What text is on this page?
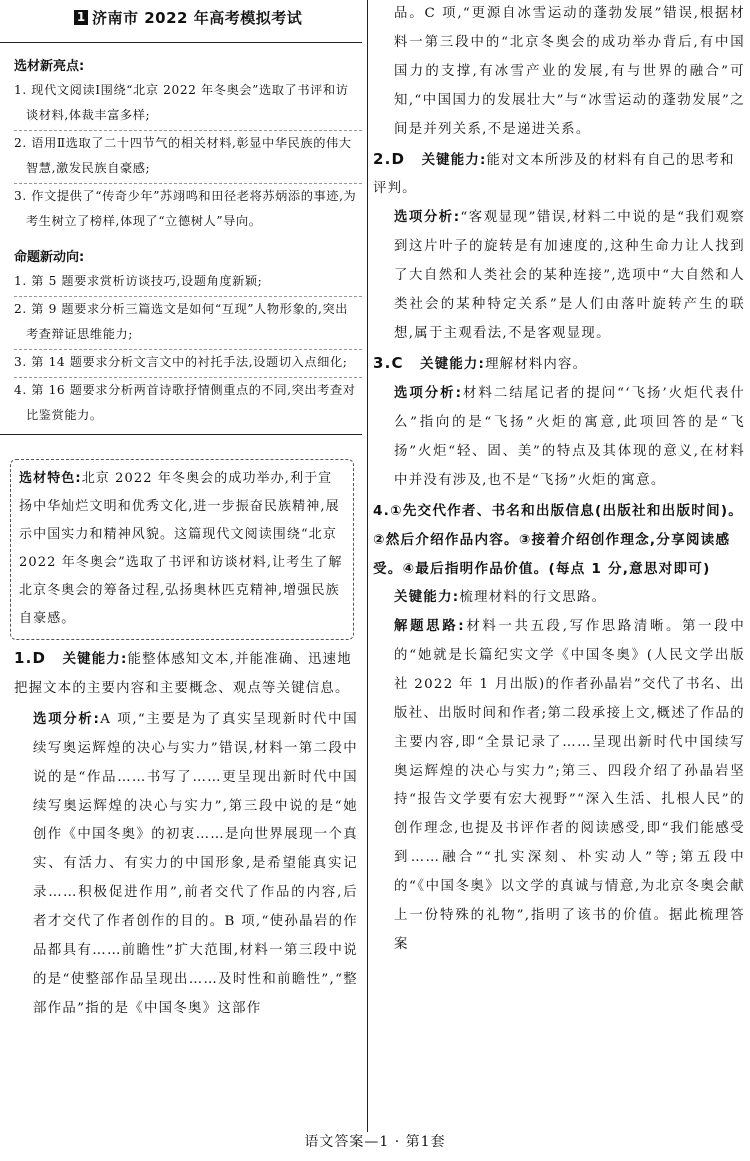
1 济南市 2022 年高考模拟考试
选材新亮点:
1. 现代文阅读Ⅰ围绕“北京 2022 年冬奥会”选取了书评和访谈材料,体裁丰富多样;
2. 语用Ⅱ选取了二十四节气的相关材料,彰显中华民族的伟大智慧,激发民族自豪感;
3. 作文提供了“传奇少年”苏翊鸣和田径老将苏炳添的事迹,为考生树立了榜样,体现了“立德树人”导向。
命题新动向:
1. 第 5 题要求赏析访谈技巧,设题角度新颖;
2. 第 9 题要求分析三篇选文是如何“互现”人物形象的,突出考查辩证思维能力;
3. 第 14 题要求分析文言文中的衬托手法,设题切入点细化;
4. 第 16 题要求分析两首诗歌抒情侧重点的不同,突出考查对比鉴赏能力。
选材特色:北京 2022 年冬奥会的成功举办,利于宣扬中华灿烂文明和优秀文化,进一步振奋民族精神,展示中国实力和精神风貌。这篇现代文阅读围绕“北京 2022 年冬奥会”选取了书评和访谈材料,让考生了解北京冬奥会的筹备过程,弘扬奥林匹克精神,增强民族自豪感。
1.D 关键能力:能整体感知文本,并能准确、迅速地把握文本的主要内容和主要概念、观点等关键信息。
选项分析:A 项,“主要是为了真实呈现新时代中国续写奥运辉煌的决心与实力”错误,材料一第二段中说的是“作品……书写了……更呈现出新时代中国续写奥运辉煌的决心与实力”,第三段中说的是“她创作《中国冬奥》的初衷……是向世界展现一个真实、有活力、有实力的中国形象,是希望能真实记录……积极促进作用”,前者交代了作品的内容,后者才交代了作者创作的目的。B 项,“使孙晶岩的作品都具有……前瞻性”扩大范围,材料一第三段中说的是“使整部作品呈现出……及时性和前瞻性”,“整部作品”指的是《中国冬奥》这部作
品。C 项,“更源自冰雪运动的蓬勃发展”错误,根据材料一第三段中的“北京冬奥会的成功举办背后,有中国国力的支撑,有冰雪产业的发展,有与世界的融合”可知,“中国国力的发展壮大”与“冰雪运动的蓬勃发展”之间是并列关系,不是递进关系。
2.D 关键能力:能对文本所涉及的材料有自己的思考和评判。
选项分析:“客观显现”错误,材料二中说的是“我们观察到这片叶子的旋转是有加速度的,这种生命力让人找到了大自然和人类社会的某种连接”,选项中“大自然和人类社会的某种特定关系”是人们由落叶旋转产生的联想,属于主观看法,不是客观显现。
3.C 关键能力:理解材料内容。
选项分析:材料二结尾记者的提问“‘飞扬’火炬代表什么”指向的是“飞扬”火炬的寓意,此项回答的是“飞扬”火炬“轻、固、美”的特点及其体现的意义,在材料中并没有涉及,也不是“飞扬”火炬的寓意。
4.①先交代作者、书名和出版信息(出版社和出版时间)。②然后介绍作品内容。③接着介绍创作理念,分享阅读感受。④最后指明作品价值。(每点 1 分,意思对即可)
关键能力:梳理材料的行文思路。
解题思路:材料一共五段,写作思路清晰。第一段中的“她就是长篇纪实文学《中国冬奥》(人民文学出版社 2022 年 1 月出版)的作者孙晶岩”交代了书名、出版社、出版时间和作者;第二段承接上文,概述了作品的主要内容,即“全景记录了……呈现出新时代中国续写奥运辉煌的决心与实力”;第三、四段介绍了孙晶岩坚持“报告文学要有宏大视野”“深入生活、扎根人民”的创作理念,也提及书评作者的阅读感受,即“我们能感受到……融合”“扎实深刻、朴实动人”等;第五段中的“《中国冬奥》以文学的真诚与情意,为北京冬奥会献上一份特殊的礼物”,指明了该书的价值。据此梳理答案
语文答案—1 · 第1套
